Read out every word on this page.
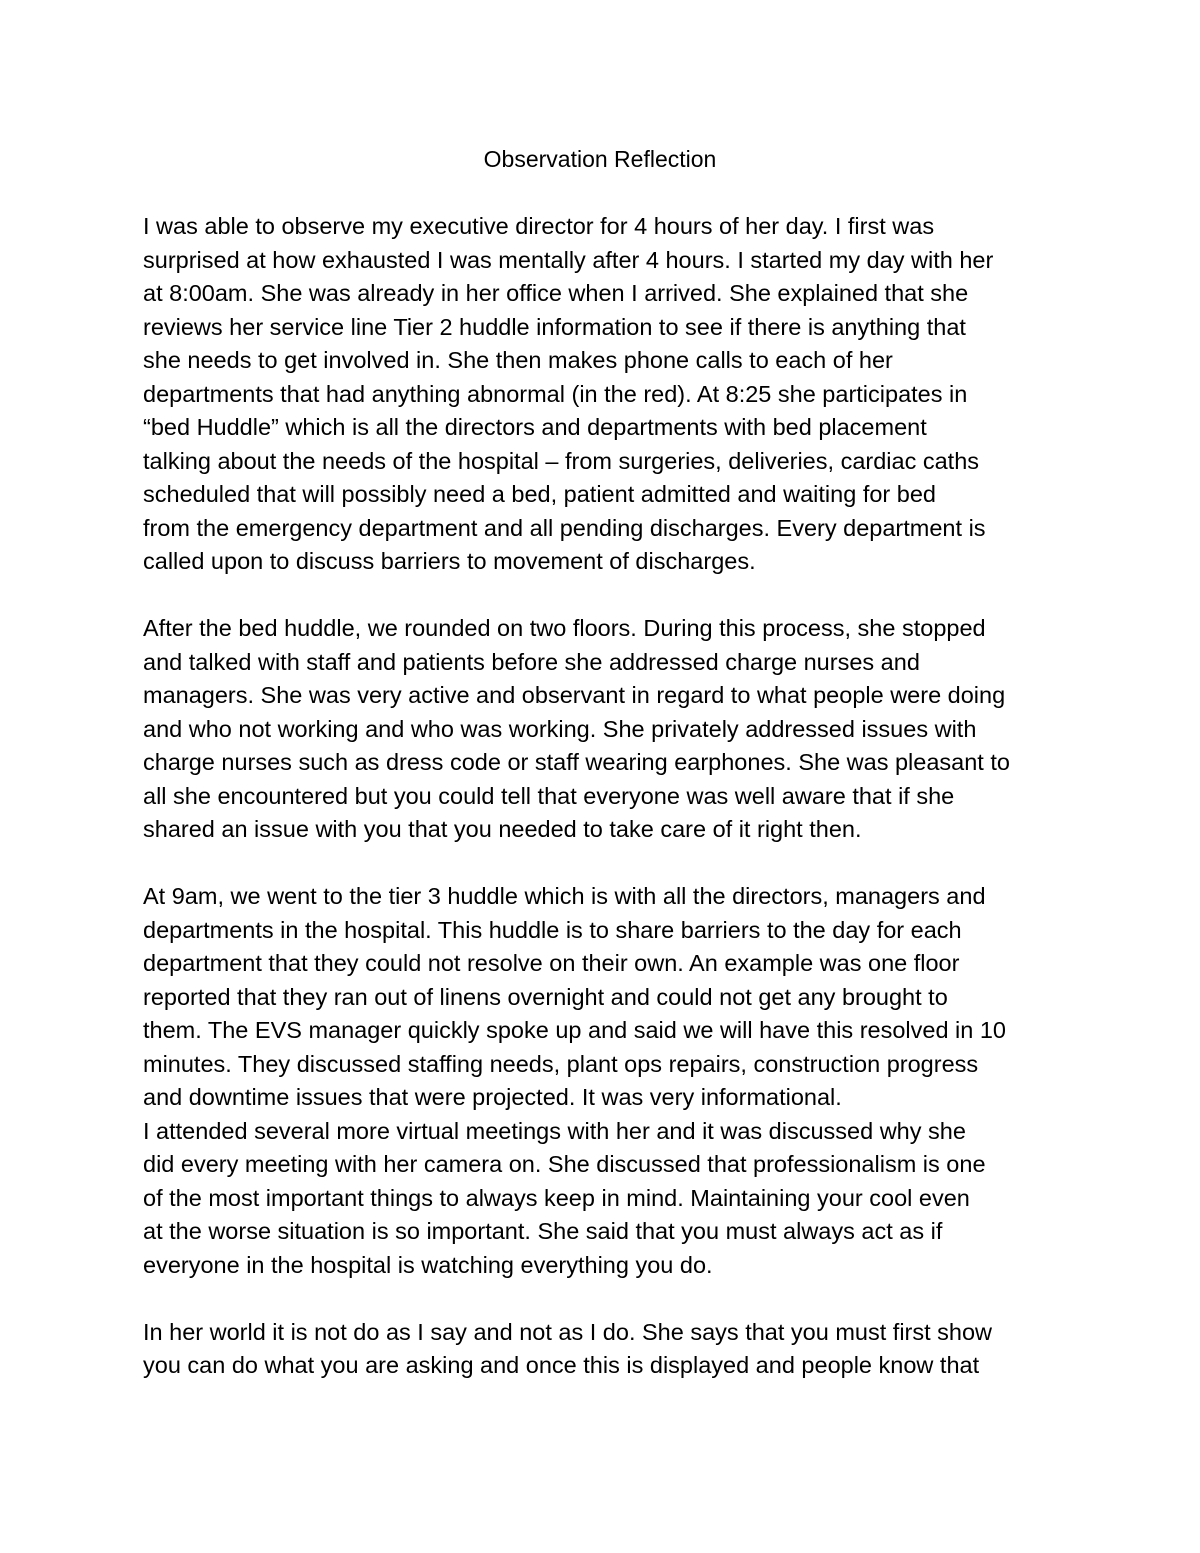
Observation Reflection
I was able to observe my executive director for 4 hours of her day. I first was
surprised at how exhausted I was mentally after 4 hours. I started my day with her
at 8:00am. She was already in her office when I arrived. She explained that she
reviews her service line Tier 2 huddle information to see if there is anything that
she needs to get involved in. She then makes phone calls to each of her
departments that had anything abnormal (in the red). At 8:25 she participates in
“bed Huddle” which is all the directors and departments with bed placement
talking about the needs of the hospital – from surgeries, deliveries, cardiac caths
scheduled that will possibly need a bed, patient admitted and waiting for bed
from the emergency department and all pending discharges. Every department is
called upon to discuss barriers to movement of discharges.
After the bed huddle, we rounded on two floors. During this process, she stopped
and talked with staff and patients before she addressed charge nurses and
managers. She was very active and observant in regard to what people were doing
and who not working and who was working. She privately addressed issues with
charge nurses such as dress code or staff wearing earphones. She was pleasant to
all she encountered but you could tell that everyone was well aware that if she
shared an issue with you that you needed to take care of it right then.
At 9am, we went to the tier 3 huddle which is with all the directors, managers and
departments in the hospital. This huddle is to share barriers to the day for each
department that they could not resolve on their own. An example was one floor
reported that they ran out of linens overnight and could not get any brought to
them. The EVS manager quickly spoke up and said we will have this resolved in 10
minutes. They discussed staffing needs, plant ops repairs, construction progress
and downtime issues that were projected. It was very informational.
I attended several more virtual meetings with her and it was discussed why she
did every meeting with her camera on. She discussed that professionalism is one
of the most important things to always keep in mind. Maintaining your cool even
at the worse situation is so important. She said that you must always act as if
everyone in the hospital is watching everything you do.
In her world it is not do as I say and not as I do. She says that you must first show
you can do what you are asking and once this is displayed and people know that
